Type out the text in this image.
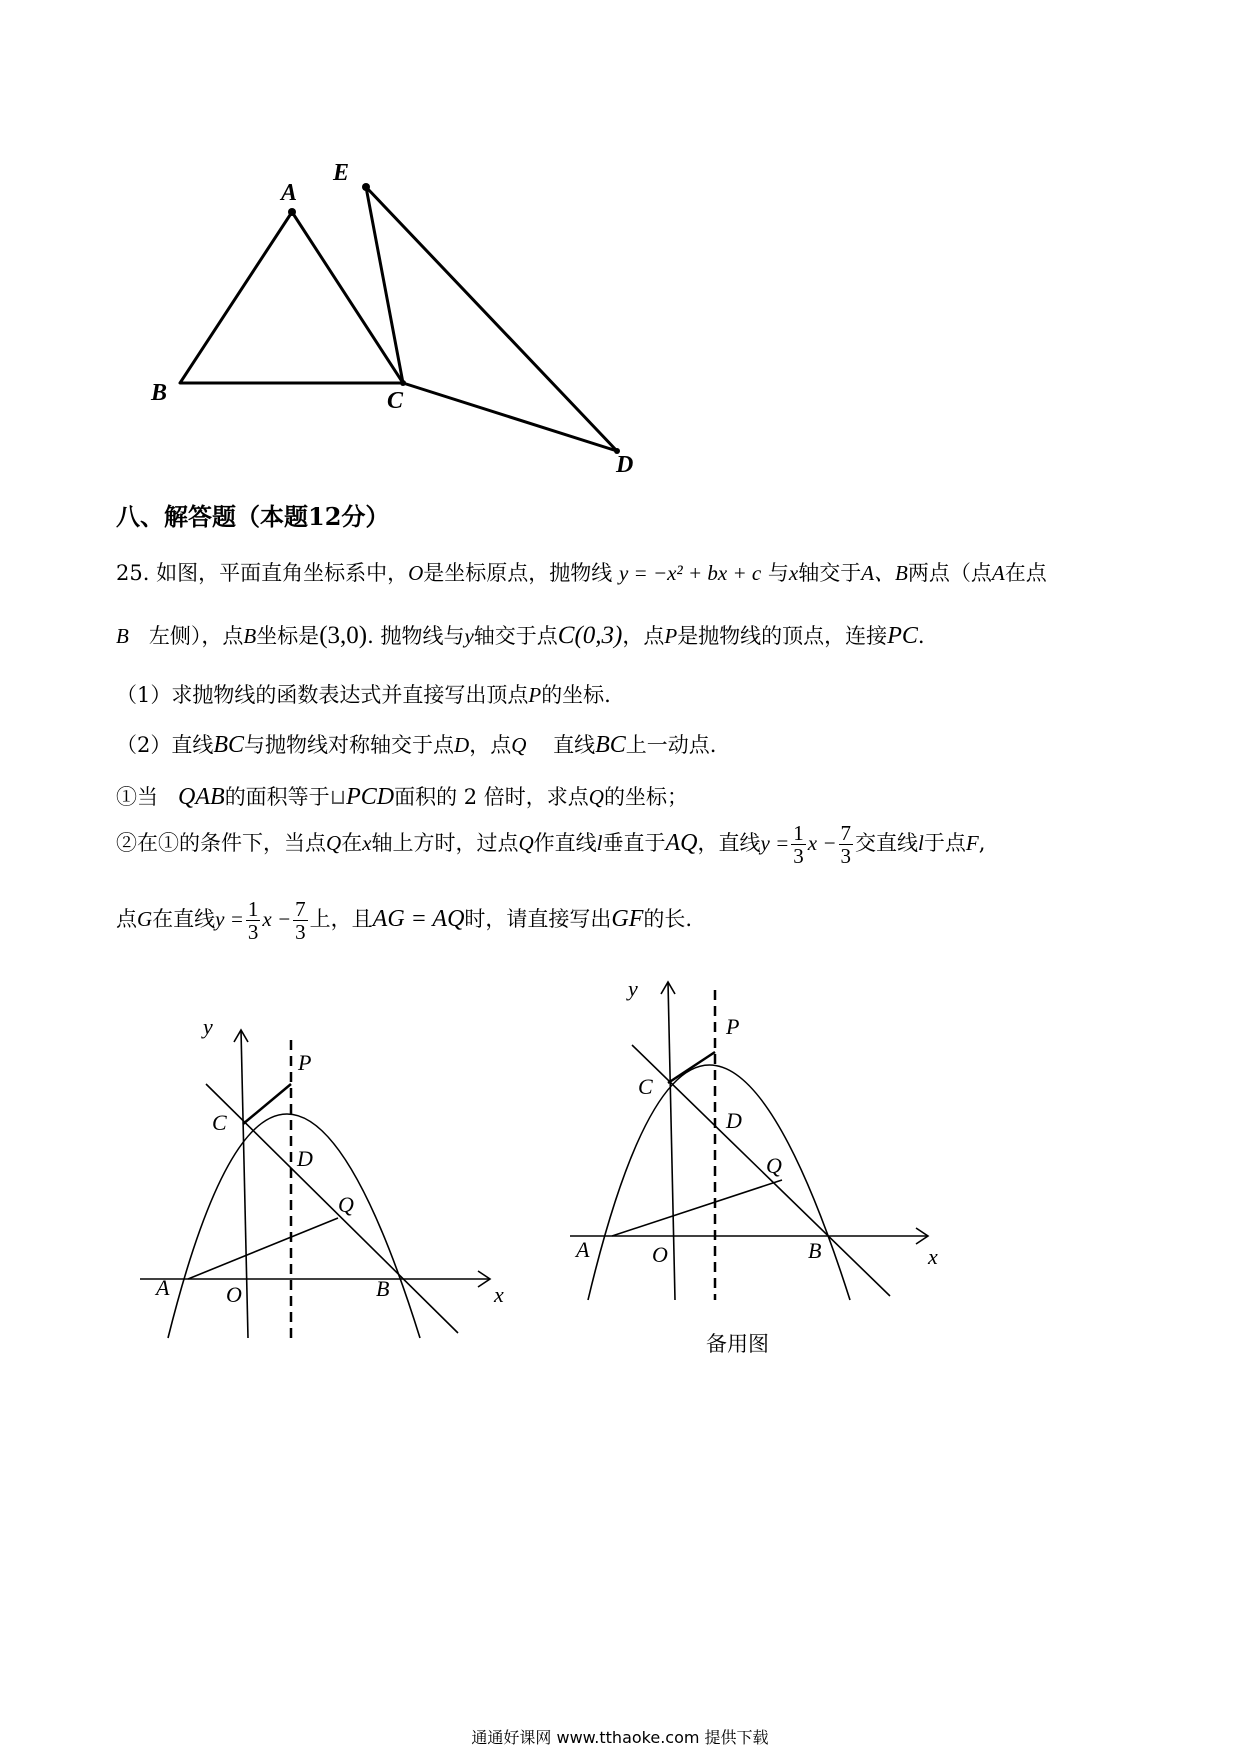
A
E
B	C
D
八、解答题（本题12分）
25. 如图，平面直角坐标系中，O是坐标原点，抛物线 y = −x² + bx + c 与x轴交于A、B两点（点A在点
B 左侧），点B坐标是(3,0). 抛物线与y轴交于点C(0,3)，点P是抛物线的顶点，连接PC.
（1）求抛物线的函数表达式并直接写出顶点P的坐标.
（2）直线BC与抛物线对称轴交于点D，点Q 直线BC上一动点.
①当 QAB的面积等于⊔PCD面积的 2 倍时，求点Q的坐标；
②在①的条件下，当点Q在x轴上方时，过点Q作直线l垂直于AQ，直线$y = \frac{1}{3}$ $x - \frac{7}{3}$ 交直线l于点F,
点G在直线$y = \frac{1}{3}$ $x - \frac{7}{3}$ 上，且AG = AQ时，请直接写出GF的长.
y
P
C
D
Q
A	O	B	x
y
P
C
D
Q
A	O	B	x
备用图
通通好课网 www.tthaoke.com 提供下载
